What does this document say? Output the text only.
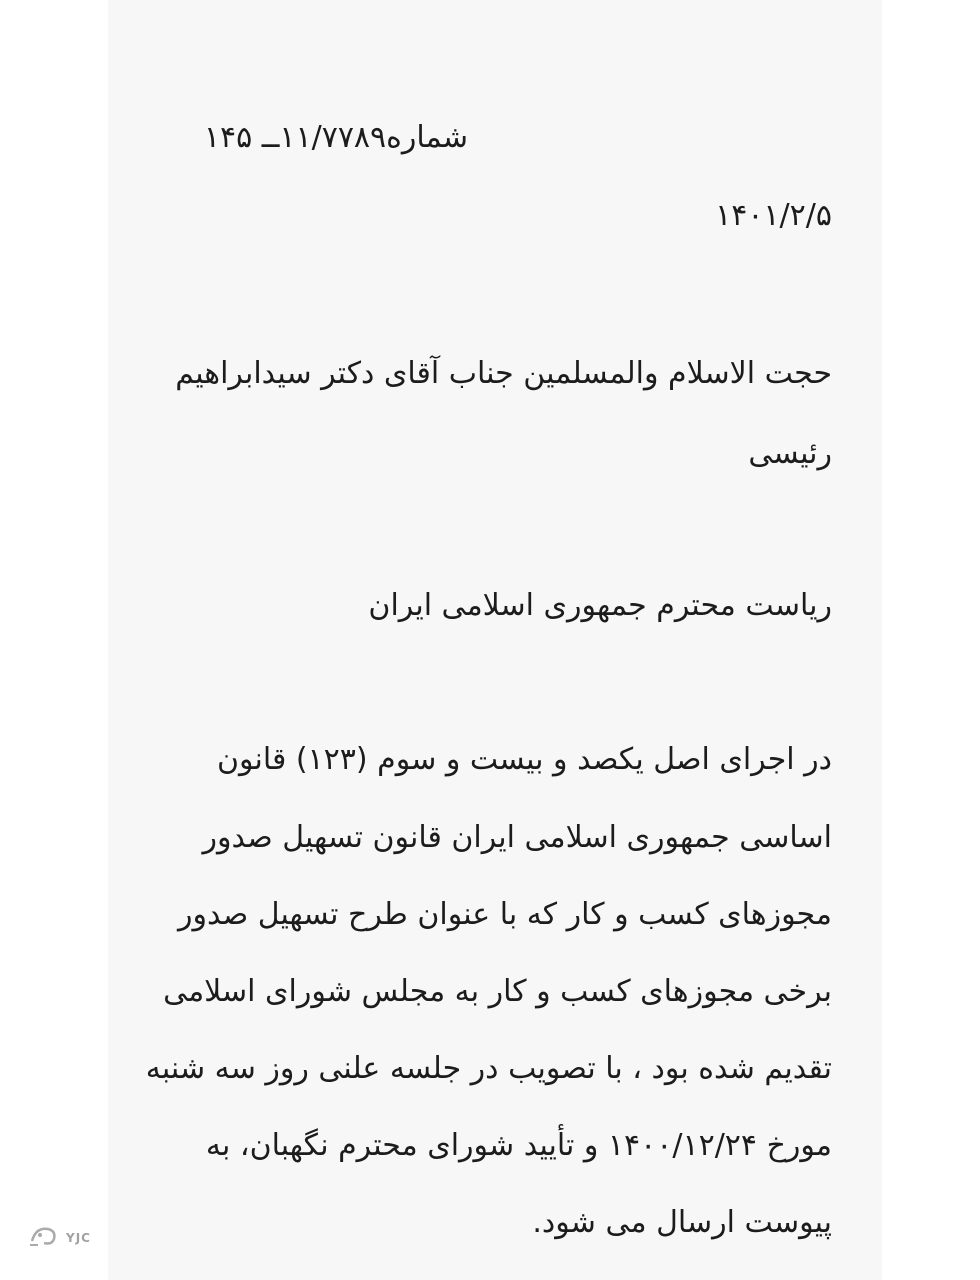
شماره۱۱/۷۷۸۹ــ ۱۴۵
۱۴۰۱/۲/۵
حجت الاسلام والمسلمین جناب آقای دکتر سیدابراهیم
رئیسی
ریاست محترم جمهوری اسلامی ایران
در اجرای اصل یکصد و بیست و سوم (۱۲۳) قانون
اساسی جمهوری اسلامی ایران قانون تسهیل صدور
مجوزهای کسب و کار که با عنوان طرح تسهیل صدور
برخی مجوزهای کسب و کار به مجلس شورای اسلامی
تقدیم شده بود ، با تصویب در جلسه علنی روز سه شنبه
مورخ ۱۴۰۰/۱۲/۲۴ و تأیید شورای محترم نگهبان، به
پیوست ارسال می شود.
YJC
